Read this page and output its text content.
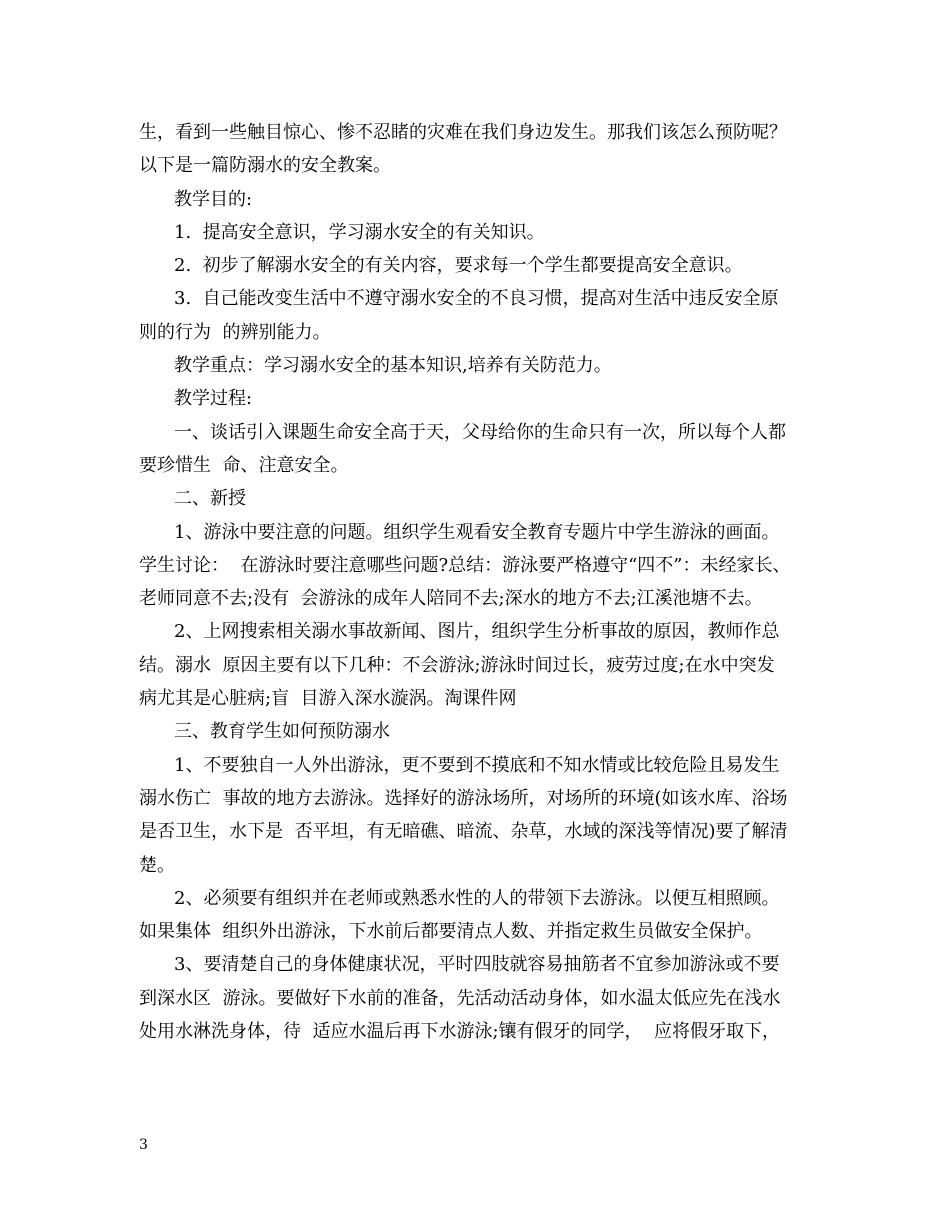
生，看到一些触目惊心、惨不忍睹的灾难在我们身边发生。那我们该怎么预防呢？
以下是一篇防溺水的安全教案。
教学目的:
1.  提高安全意识，学习溺水安全的有关知识。
2.  初步了解溺水安全的有关内容，要求每一个学生都要提高安全意识。
3.  自己能改变生活中不遵守溺水安全的不良习惯，提高对生活中违反安全原
则的行为  的辨别能力。
教学重点：学习溺水安全的基本知识,培养有关防范力。
教学过程:
一、谈话引入课题生命安全高于天，父母给你的生命只有一次，所以每个人都
要珍惜生  命、注意安全。
二、新授
1、游泳中要注意的问题。组织学生观看安全教育专题片中学生游泳的画面。
学生讨论：  在游泳时要注意哪些问题?总结：游泳要严格遵守“四不”：未经家长、
老师同意不去;没有  会游泳的成年人陪同不去;深水的地方不去;江溪池塘不去。
2、上网搜索相关溺水事故新闻、图片，组织学生分析事故的原因，教师作总
结。溺水  原因主要有以下几种：不会游泳;游泳时间过长，疲劳过度;在水中突发
病尤其是心脏病;盲  目游入深水漩涡。淘课件网
三、教育学生如何预防溺水
1、不要独自一人外出游泳，更不要到不摸底和不知水情或比较危险且易发生
溺水伤亡  事故的地方去游泳。选择好的游泳场所，对场所的环境(如该水库、浴场
是否卫生，水下是  否平坦，有无暗礁、暗流、杂草，水域的深浅等情况)要了解清
楚。
2、必须要有组织并在老师或熟悉水性的人的带领下去游泳。以便互相照顾。
如果集体  组织外出游泳，下水前后都要清点人数、并指定救生员做安全保护。
3、要清楚自己的身体健康状况，平时四肢就容易抽筋者不宜参加游泳或不要
到深水区  游泳。要做好下水前的准备，先活动活动身体，如水温太低应先在浅水
处用水淋洗身体，待  适应水温后再下水游泳;镶有假牙的同学，  应将假牙取下，
3
